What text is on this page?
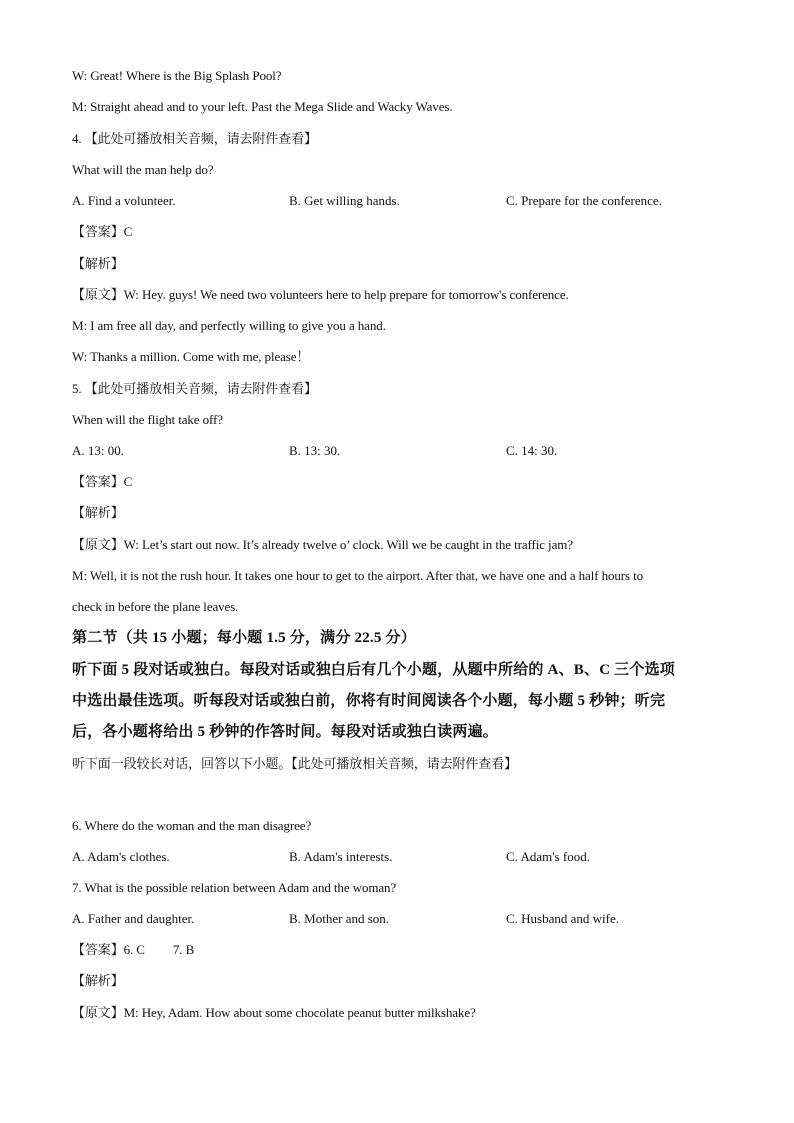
W: Great! Where is the Big Splash Pool?
M: Straight ahead and to your left. Past the Mega Slide and Wacky Waves.
4. 【此处可播放相关音频，请去附件查看】
What will the man help do?
A. Find a volunteer.	B. Get willing hands.	C. Prepare for the conference.
【答案】C
【解析】
【原文】W: Hey. guys! We need two volunteers here to help prepare for tomorrow's conference.
M: I am free all day, and perfectly willing to give you a hand.
W: Thanks a million. Come with me, please！
5. 【此处可播放相关音频，请去附件查看】
When will the flight take off?
A. 13: 00.	B. 13: 30.	C. 14: 30.
【答案】C
【解析】
【原文】W: Let’s start out now. It’s already twelve o’ clock. Will we be caught in the traffic jam?
M: Well, it is not the rush hour. It takes one hour to get to the airport. After that, we have one and a half hours to
check in before the plane leaves.
第二节（共 15 小题；每小题 1.5 分，满分 22.5 分）
听下面 5 段对话或独白。每段对话或独白后有几个小题，从题中所给的 A、B、C 三个选项
中选出最佳选项。听每段对话或独白前，你将有时间阅读各个小题，每小题 5 秒钟；听完
后，各小题将给出 5 秒钟的作答时间。每段对话或独白读两遍。
听下面一段较长对话，回答以下小题。【此处可播放相关音频，请去附件查看】
6. Where do the woman and the man disagree?
A. Adam's clothes.	B. Adam's interests.	C. Adam's food.
7. What is the possible relation between Adam and the woman?
A. Father and daughter.	B. Mother and son.	C. Husband and wife.
【答案】6. C 7. B
【解析】
【原文】M: Hey, Adam. How about some chocolate peanut butter milkshake?
